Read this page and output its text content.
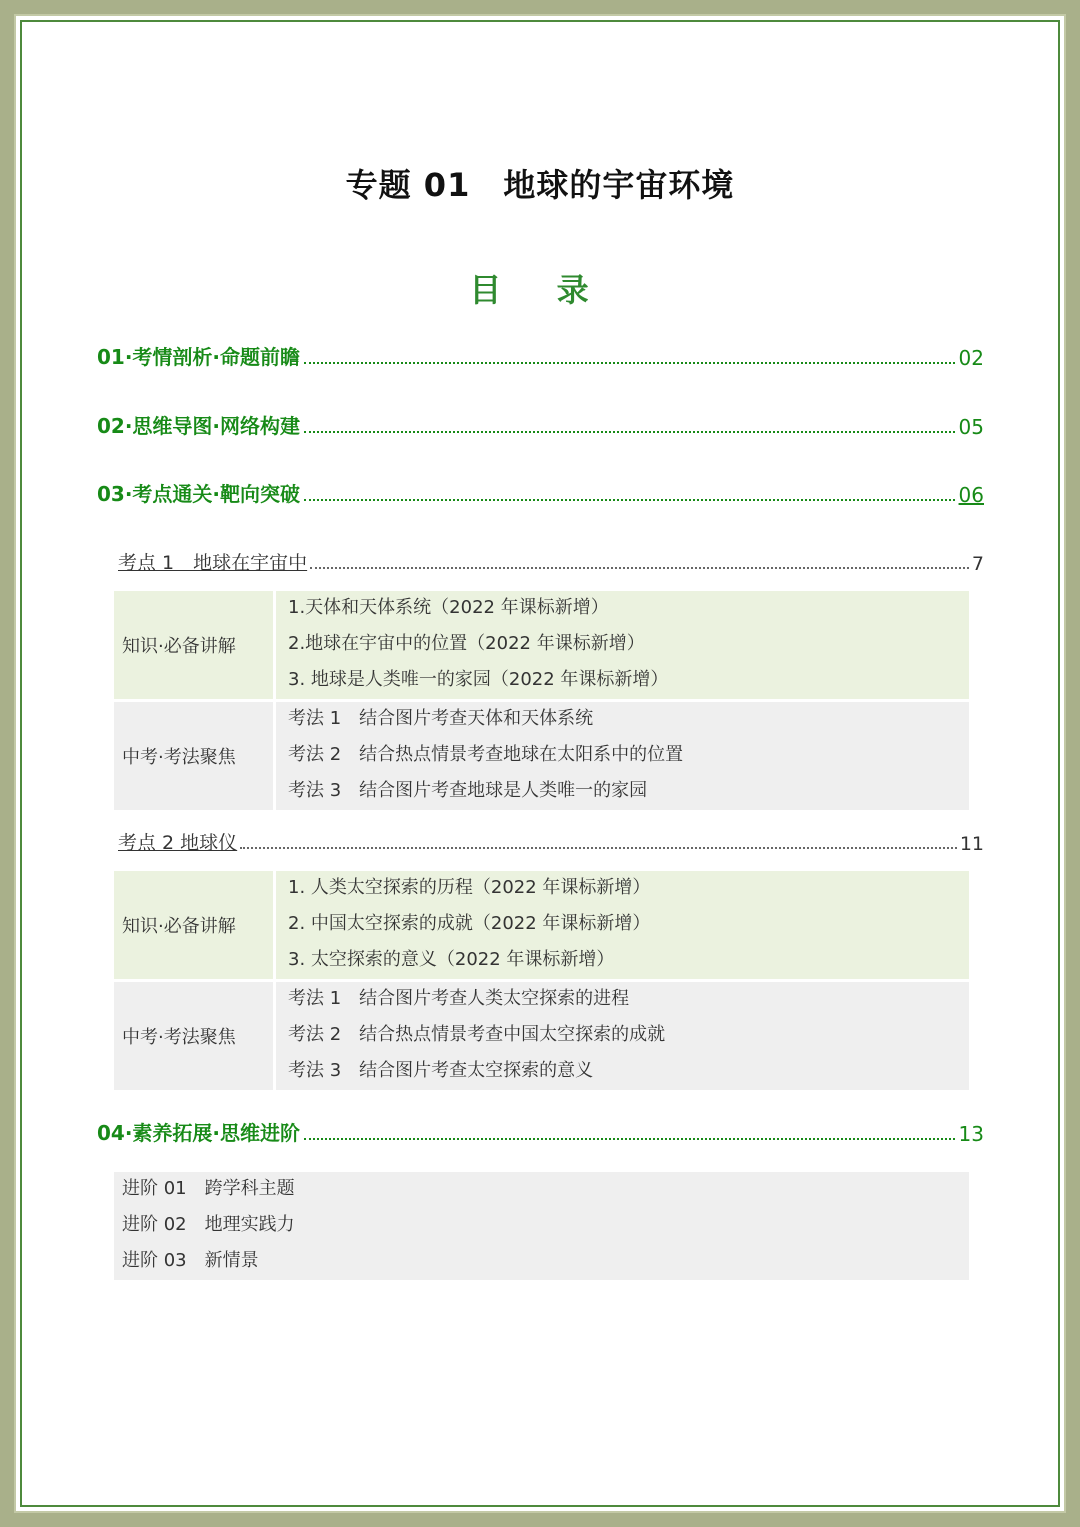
专题 01　地球的宇宙环境
目 录
01·考情剖析·命题前瞻	02
02·思维导图·网络构建	05
03·考点通关·靶向突破	06
考点 1　地球在宇宙中	7
知识·必备讲解
1.天体和天体系统（2022 年课标新增）
2.地球在宇宙中的位置（2022 年课标新增）
3. 地球是人类唯一的家园（2022 年课标新增）
中考·考法聚焦
考法 1　结合图片考查天体和天体系统
考法 2　结合热点情景考查地球在太阳系中的位置
考法 3　结合图片考查地球是人类唯一的家园
考点 2 地球仪	11
知识·必备讲解
1. 人类太空探索的历程（2022 年课标新增）
2. 中国太空探索的成就（2022 年课标新增）
3. 太空探索的意义（2022 年课标新增）
中考·考法聚焦
考法 1　结合图片考查人类太空探索的进程
考法 2　结合热点情景考查中国太空探索的成就
考法 3　结合图片考查太空探索的意义
04·素养拓展·思维进阶	13
进阶 01　跨学科主题
进阶 02　地理实践力
进阶 03　新情景
